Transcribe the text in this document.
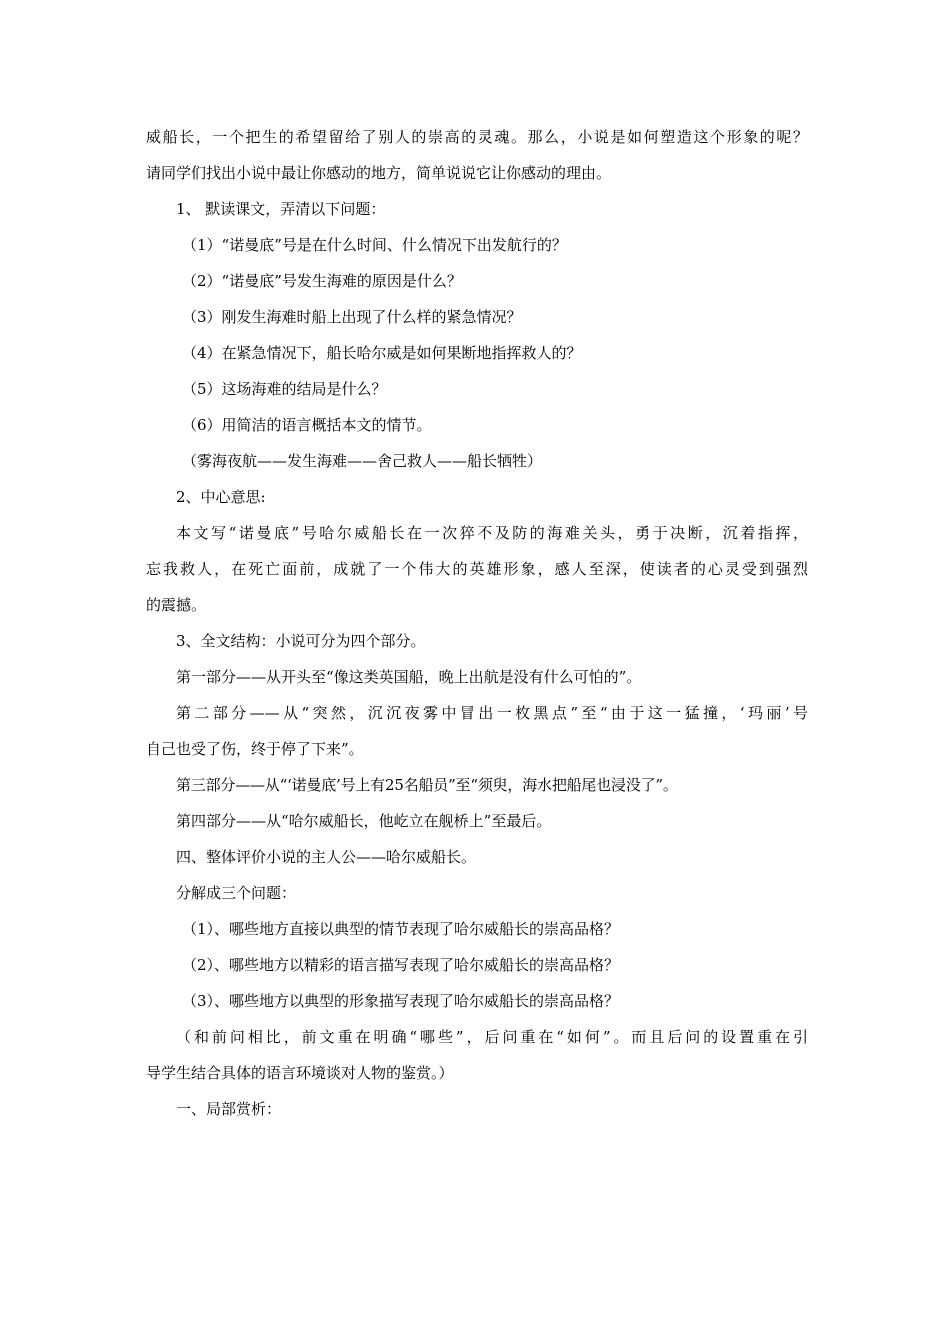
威船长，一个把生的希望留给了别人的崇高的灵魂。那么，小说是如何塑造这个形象的呢？

请同学们找出小说中最让你感动的地方，简单说说它让你感动的理由。

1、 默读课文，弄清以下问题：

（1）“诺曼底”号是在什么时间、什么情况下出发航行的？

（2）“诺曼底”号发生海难的原因是什么？

（3）刚发生海难时船上出现了什么样的紧急情况？

（4）在紧急情况下，船长哈尔威是如何果断地指挥救人的？

（5）这场海难的结局是什么？

（6）用简洁的语言概括本文的情节。

（雾海夜航——发生海难——舍己救人——船长牺牲）

2、中心意思:

本文写“诺曼底”号哈尔威船长在一次猝不及防的海难关头，勇于决断，沉着指挥，

忘我救人，在死亡面前，成就了一个伟大的英雄形象，感人至深，使读者的心灵受到强烈

的震撼。

3、全文结构：小说可分为四个部分。

第一部分——从开头至“像这类英国船，晚上出航是没有什么可怕的”。

第二部分——从“突然，沉沉夜雾中冒出一枚黑点”至“由于这一猛撞，‘玛丽’号

自己也受了伤，终于停了下来”。

第三部分——从“‘诺曼底’号上有25名船员”至“须臾，海水把船尾也浸没了”。

第四部分——从“哈尔威船长，他屹立在舰桥上”至最后。

四、整体评价小说的主人公——哈尔威船长。

分解成三个问题：

（1）、哪些地方直接以典型的情节表现了哈尔威船长的崇高品格？

（2）、哪些地方以精彩的语言描写表现了哈尔威船长的崇高品格？

（3）、哪些地方以典型的形象描写表现了哈尔威船长的崇高品格？

（和前问相比，前文重在明确“哪些”，后问重在“如何”。而且后问的设置重在引

导学生结合具体的语言环境谈对人物的鉴赏。）

一、局部赏析：
